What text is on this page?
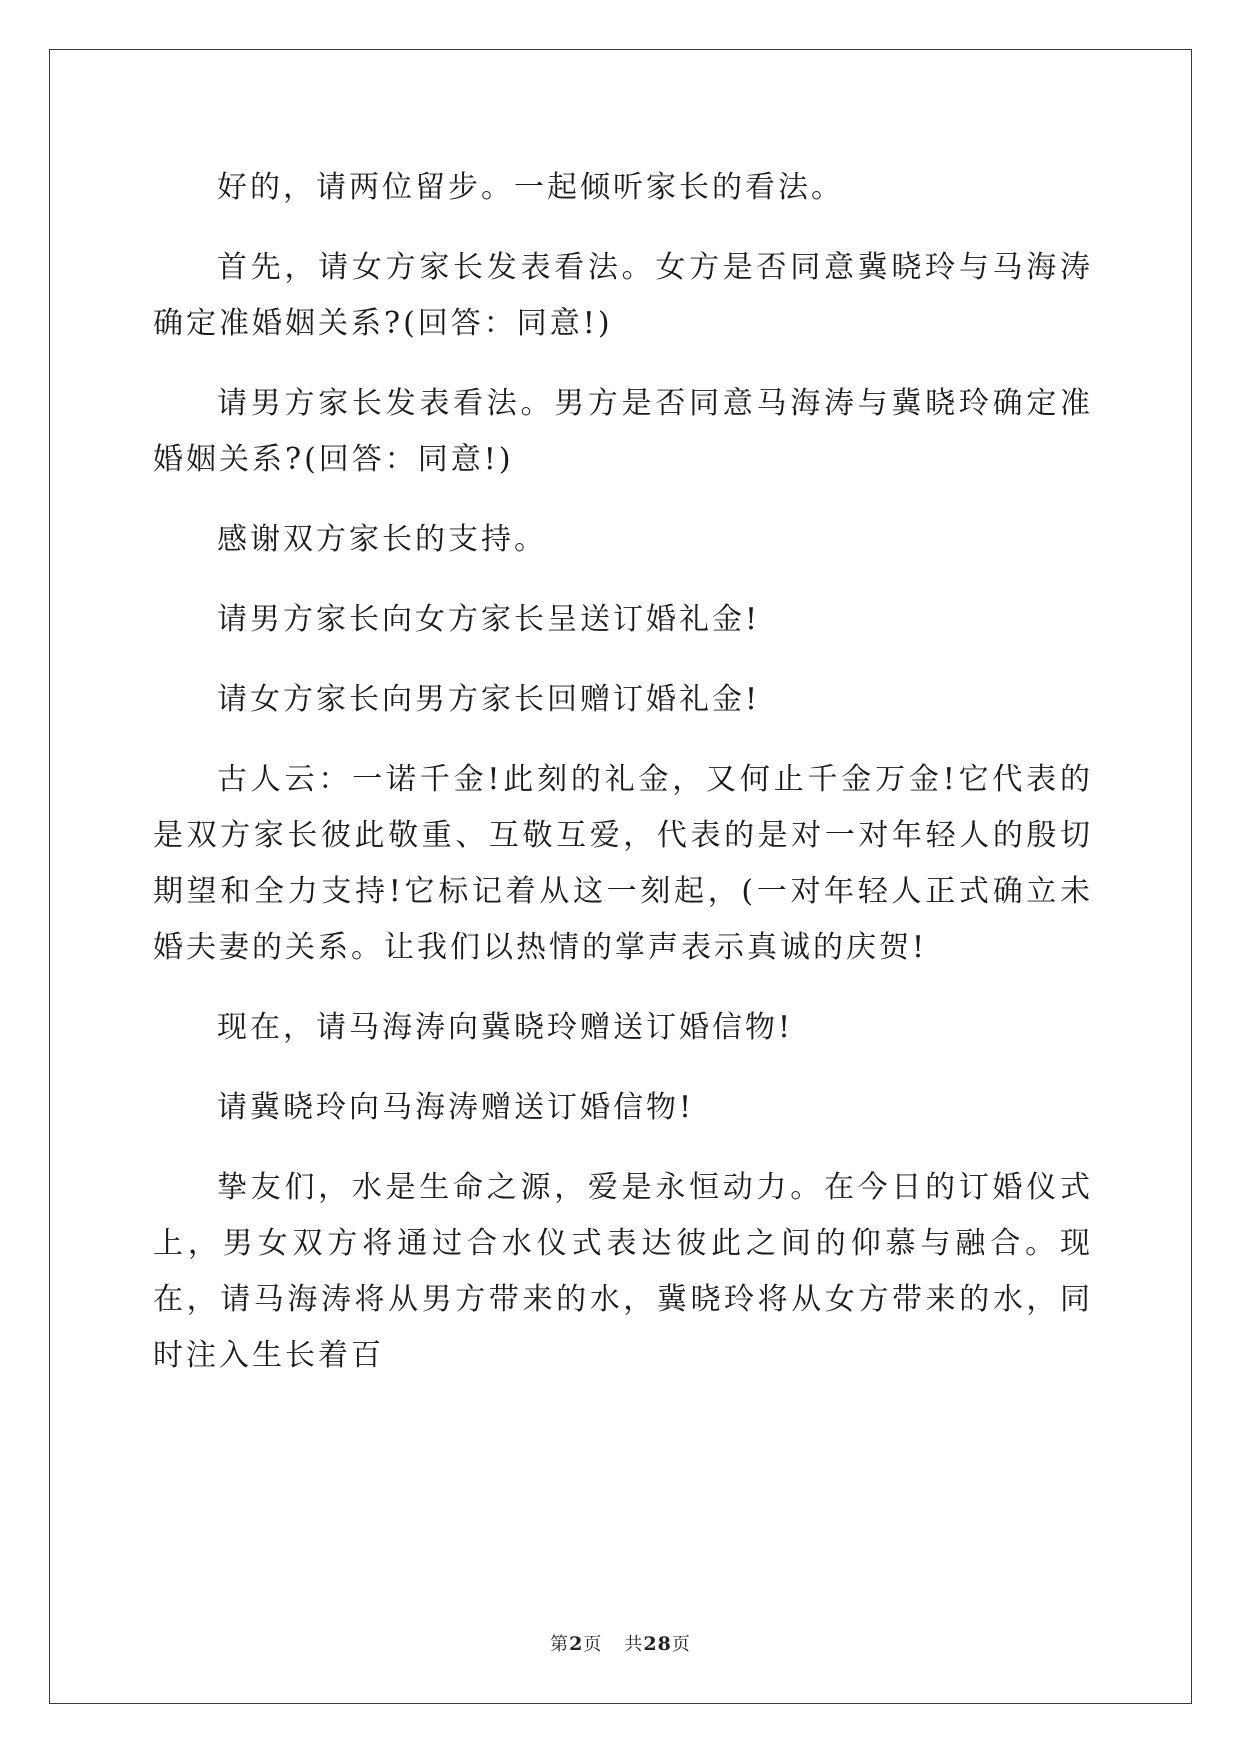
好的，请两位留步。一起倾听家长的看法。

首先，请女方家长发表看法。女方是否同意冀晓玲与马海涛确定准婚姻关系?(回答：同意!)

请男方家长发表看法。男方是否同意马海涛与冀晓玲确定准婚姻关系?(回答：同意!)

感谢双方家长的支持。

请男方家长向女方家长呈送订婚礼金!

请女方家长向男方家长回赠订婚礼金!

古人云：一诺千金!此刻的礼金，又何止千金万金!它代表的是双方家长彼此敬重、互敬互爱，代表的是对一对年轻人的殷切期望和全力支持!它标记着从这一刻起，(一对年轻人正式确立未婚夫妻的关系。让我们以热情的掌声表示真诚的庆贺!

现在，请马海涛向冀晓玲赠送订婚信物!

请冀晓玲向马海涛赠送订婚信物!

挚友们，水是生命之源，爱是永恒动力。在今日的订婚仪式上，男女双方将通过合水仪式表达彼此之间的仰慕与融合。现在，请马海涛将从男方带来的水，冀晓玲将从女方带来的水，同时注入生长着百

第2页 共28页
